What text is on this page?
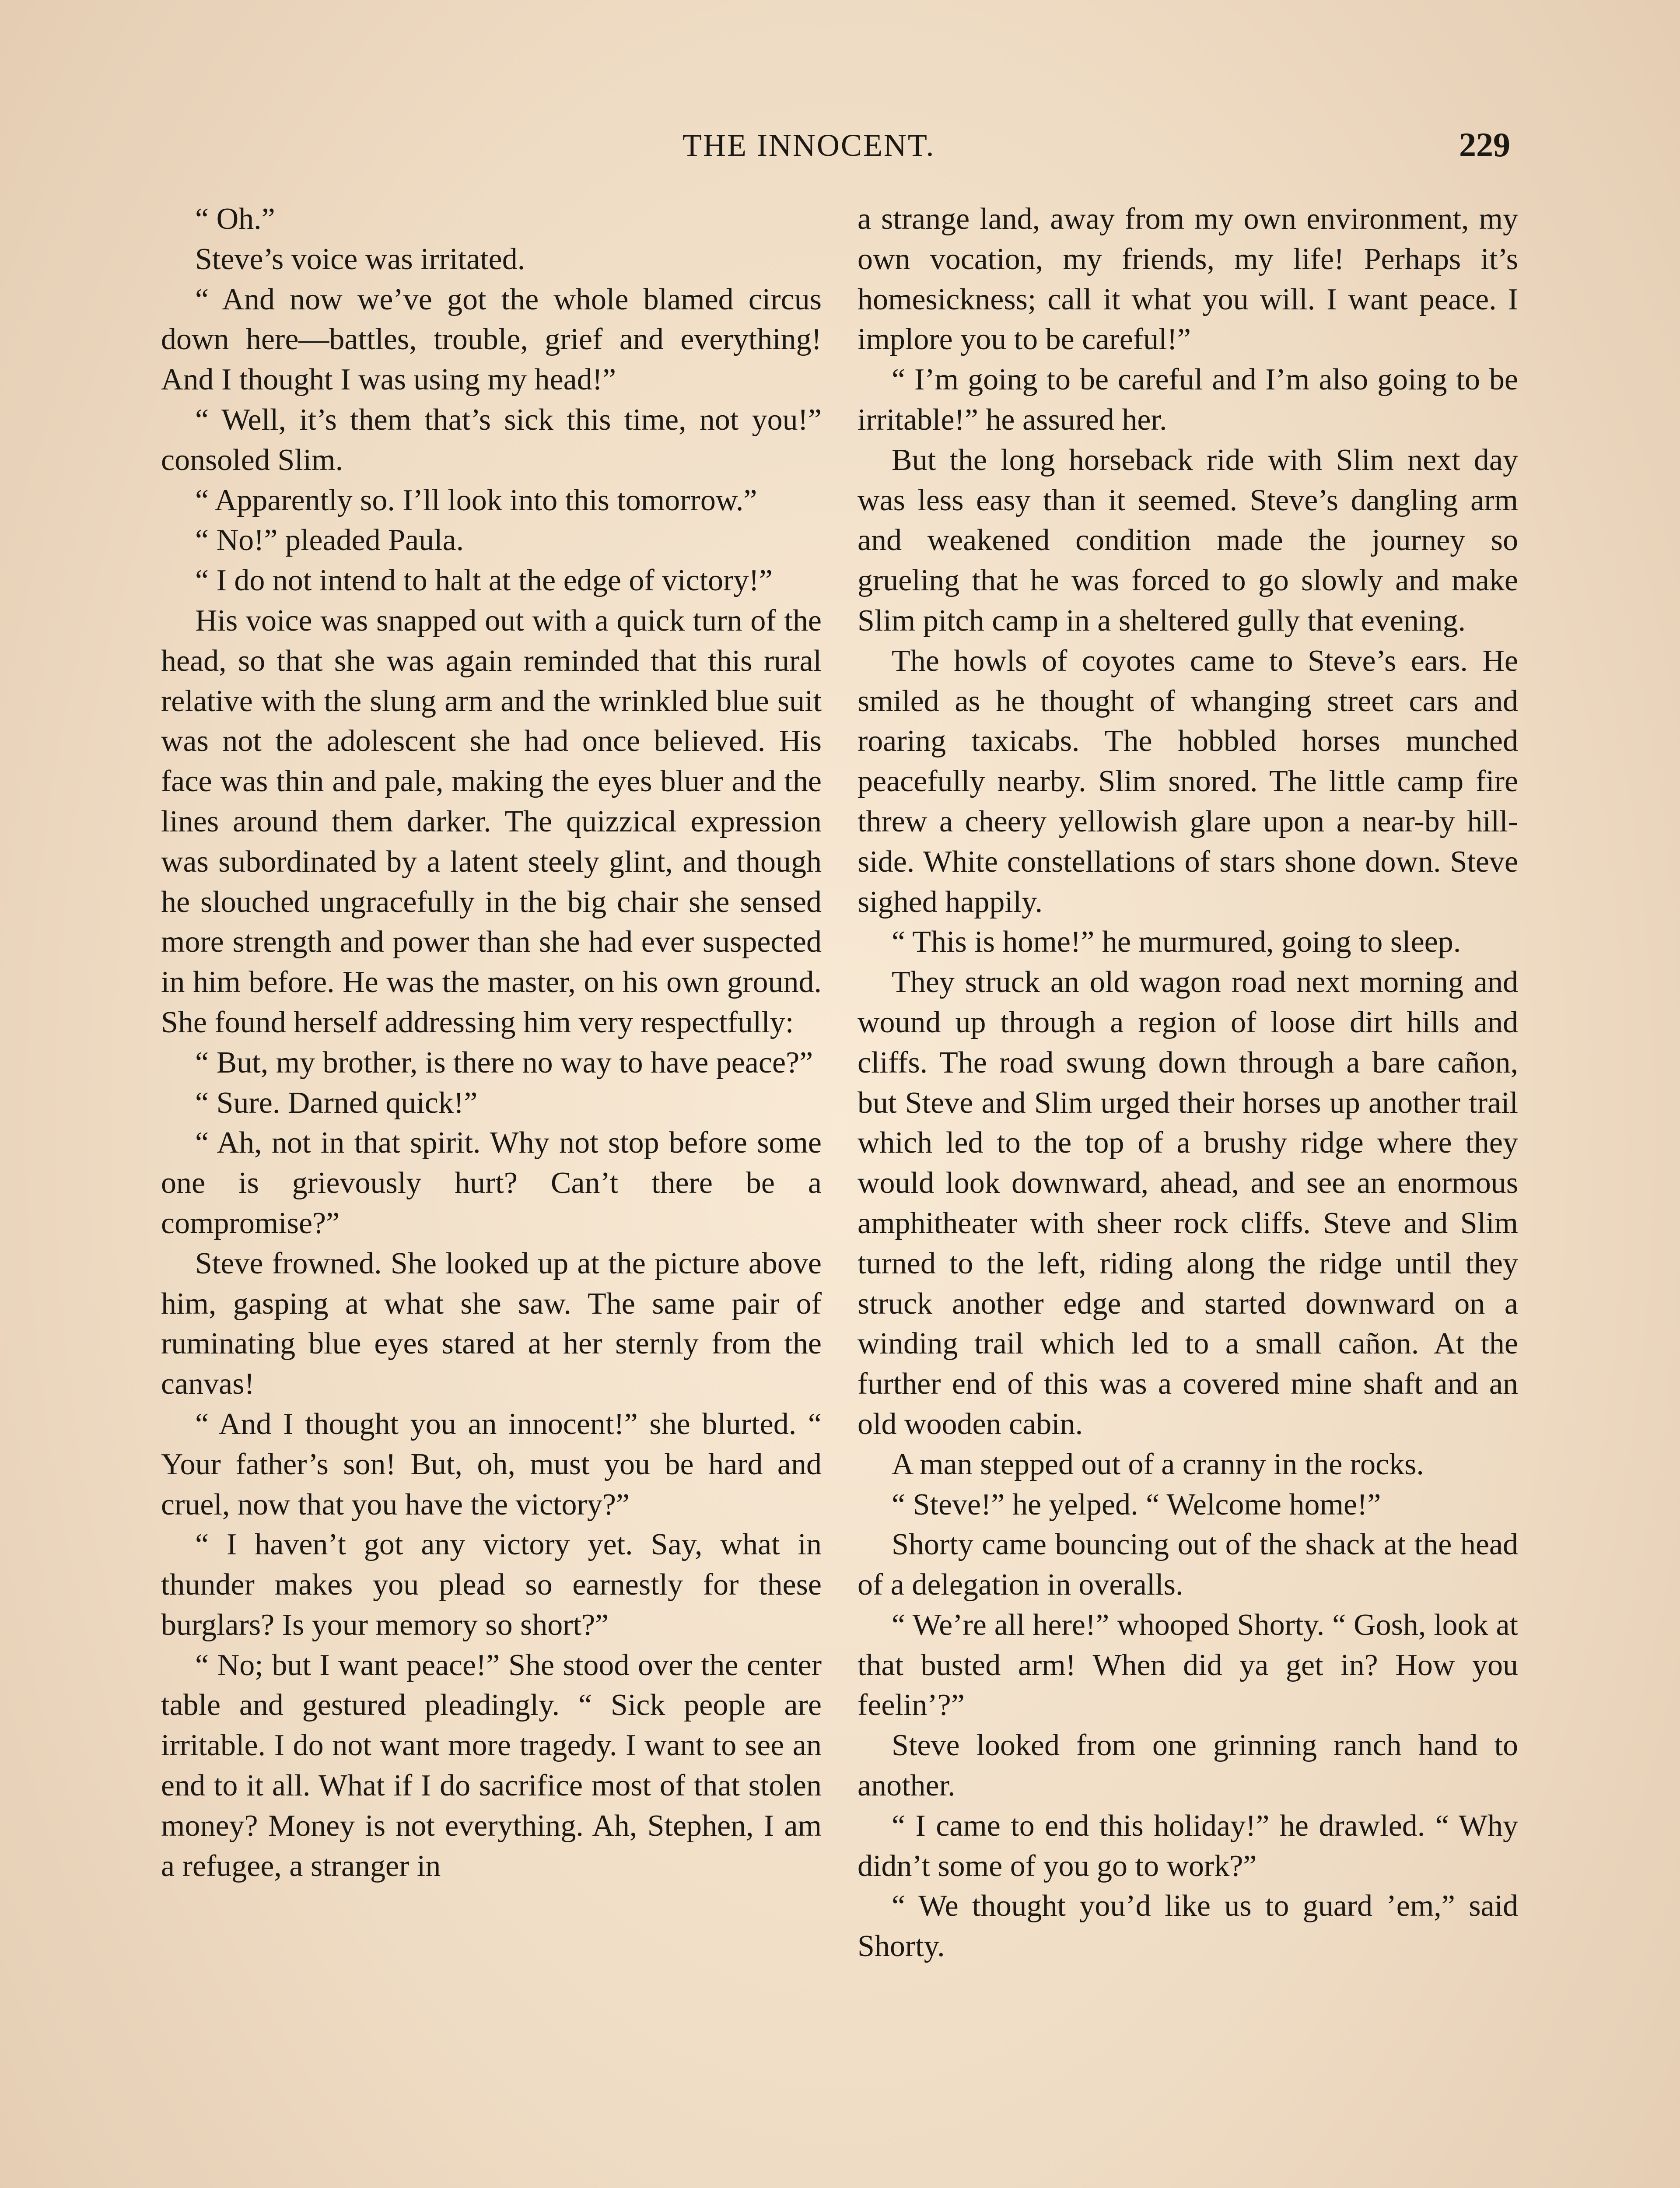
THE INNOCENT.	229

“ Oh.”

Steve’s voice was irritated.

“ And now we’ve got the whole blamed circus down here—battles, trouble, grief and everything! And I thought I was using my head!”

“ Well, it’s them that’s sick this time, not you!” consoled Slim.

“ Apparently so. I’ll look into this tomorrow.”

“ No!” pleaded Paula.

“ I do not intend to halt at the edge of victory!”

His voice was snapped out with a quick turn of the head, so that she was again reminded that this rural relative with the slung arm and the wrinkled blue suit was not the adolescent she had once believed. His face was thin and pale, making the eyes bluer and the lines around them darker. The quizzical expression was subordinated by a latent steely glint, and though he slouched ungracefully in the big chair she sensed more strength and power than she had ever suspected in him before. He was the master, on his own ground. She found herself addressing him very respectfully:

“ But, my brother, is there no way to have peace?”

“ Sure. Darned quick!”

“ Ah, not in that spirit. Why not stop before some one is grievously hurt? Can’t there be a compromise?”

Steve frowned. She looked up at the picture above him, gasping at what she saw. The same pair of ruminating blue eyes stared at her sternly from the canvas!

“ And I thought you an innocent!” she blurted. “ Your father’s son! But, oh, must you be hard and cruel, now that you have the victory?”

“ I haven’t got any victory yet. Say, what in thunder makes you plead so earnestly for these burglars? Is your memory so short?”

“ No; but I want peace!” She stood over the center table and gestured pleadingly. “ Sick people are irritable. I do not want more tragedy. I want to see an end to it all. What if I do sacrifice most of that stolen money? Money is not everything. Ah, Stephen, I am a refugee, a stranger in

a strange land, away from my own environment, my own vocation, my friends, my life! Perhaps it’s homesickness; call it what you will. I want peace. I implore you to be careful!”

“ I’m going to be careful and I’m also going to be irritable!” he assured her.

But the long horseback ride with Slim next day was less easy than it seemed. Steve’s dangling arm and weakened condition made the journey so grueling that he was forced to go slowly and make Slim pitch camp in a sheltered gully that evening.

The howls of coyotes came to Steve’s ears. He smiled as he thought of whanging street cars and roaring taxicabs. The hobbled horses munched peacefully nearby. Slim snored. The little camp fire threw a cheery yellowish glare upon a near-by hillside. White constellations of stars shone down. Steve sighed happily.

“ This is home!” he murmured, going to sleep.

They struck an old wagon road next morning and wound up through a region of loose dirt hills and cliffs. The road swung down through a bare cañon, but Steve and Slim urged their horses up another trail which led to the top of a brushy ridge where they would look downward, ahead, and see an enormous amphitheater with sheer rock cliffs. Steve and Slim turned to the left, riding along the ridge until they struck another edge and started downward on a winding trail which led to a small cañon. At the further end of this was a covered mine shaft and an old wooden cabin.

A man stepped out of a cranny in the rocks.

“ Steve!” he yelped. “ Welcome home!”

Shorty came bouncing out of the shack at the head of a delegation in overalls.

“ We’re all here!” whooped Shorty. “ Gosh, look at that busted arm! When did ya get in? How you feelin’?”

Steve looked from one grinning ranch hand to another.

“ I came to end this holiday!” he drawled. “ Why didn’t some of you go to work?”

“ We thought you’d like us to guard ’em,” said Shorty.
